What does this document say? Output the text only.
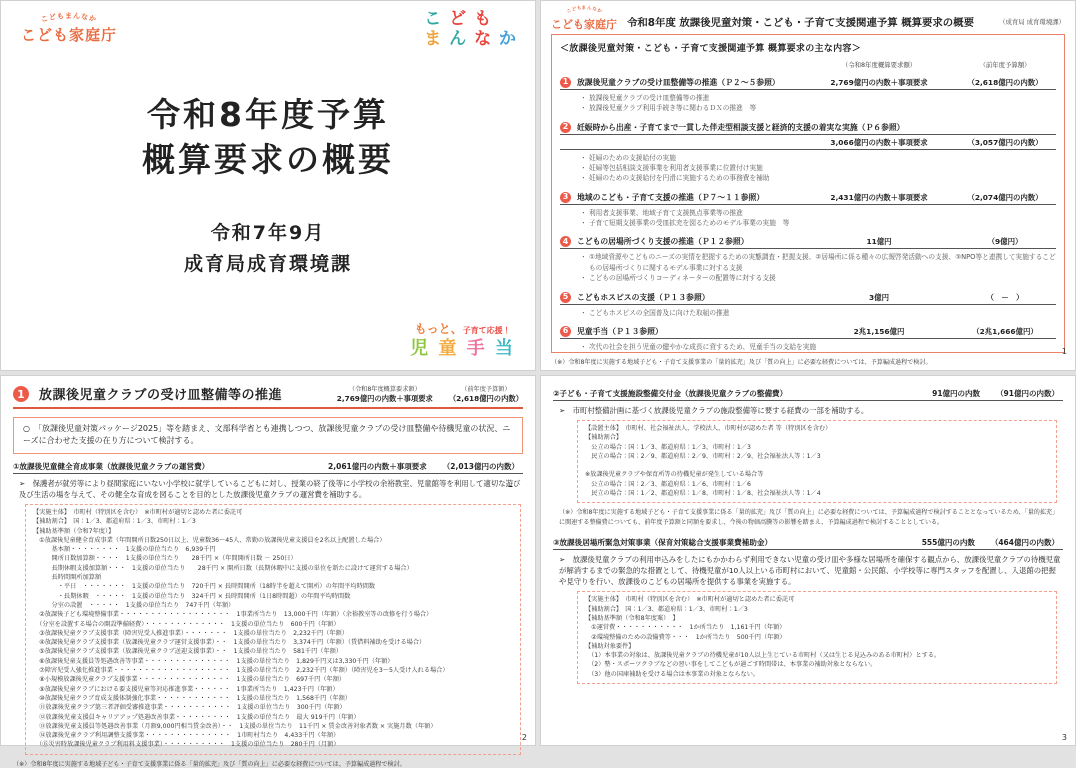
こどもまんなか
こども家庭庁
こ ど も
ま ん な か
令和8年度予算
概算要求の概要
令和7年9月
成育局成育環境課
もっと、子育て応援！
児 童 手 当
こどもまんなか
こども家庭庁 令和8年度 放課後児童対策・こども・子育て支援関連予算 概算要求の概要	（成育局 成育環境課）
＜放課後児童対策・こども・子育て支援関連予算 概算要求の主な内容＞
（令和8年度概算要求額）	（前年度予算額）
1	放課後児童クラブの受け皿整備等の推進（Ｐ２～５参照）	2,769億円の内数＋事項要求	（2,618億円の内数）
・ 放課後児童クラブの受け皿整備等の推進
・ 放課後児童クラブ利用手続き等に関わるＤＸの推進　等
2	妊娠時から出産・子育てまで一貫した伴走型相談支援と経済的支援の着実な実施（Ｐ６参照）
3,066億円の内数＋事項要求	（3,057億円の内数）
・ 妊婦のための支援給付の実施
・ 妊婦等包括相談支援事業を利用者支援事業に位置付け実施
・ 妊婦のための支援給付を円滑に実施するための事務費を補助
3	地域のこども・子育て支援の推進（Ｐ７～１１参照）	2,431億円の内数＋事項要求	（2,074億円の内数）
・ 利用者支援事業、地域子育て支援拠点事業等の推進
・ 子育て短期支援事業の受皿拡充を図るためのモデル事業の実施　等
4	こどもの居場所づくり支援の推進（Ｐ１２参照）	11億円	（9億円）
・ ①地域資源やこどものニーズの実情を把握するための実態調査・把握支援、②居場所に係る種々の広報啓発活動への支援、③NPO等と連携して実施するこどもの居場所づくりに関するモデル事業に対する支援
・ こどもの居場所づくりコーディネーターの配置等に対する支援
5	こどもホスピスの支援（Ｐ１３参照）	3億円	（　－　）
・ こどもホスピスの全国普及に向けた取組の推進
6	児童手当（Ｐ１３参照）	2兆1,156億円	（2兆1,666億円）
・ 次代の社会を担う児童の健やかな成長に資するため、児童手当の支給を実施
（※）令和8年度に実施する地域子ども・子育て支援事業の「量的拡充」及び「質の向上」に必要な経費については、予算編成過程で検討。
1
1	放課後児童クラブの受け皿整備等の推進	（令和8年度概算要求額）
2,769億円の内数＋事項要求
（前年度予算額）
（2,618億円の内数）
○　「放課後児童対策パッケージ2025」等を踏まえ、文部科学省とも連携しつつ、放課後児童クラブの受け皿整備や待機児童の状況、ニーズに合わせた支援の在り方について検討する。
①放課後児童健全育成事業（放課後児童クラブの運営費）	2,061億円の内数＋事項要求 （2,013億円の内数）
➢　保護者が就労等により昼間家庭にいない小学校に就学しているこどもに対し、授業の終了後等に小学校の余裕教室、児童館等を利用して適切な遊び及び生活の場を与えて、その健全な育成を図ることを目的とした放課後児童クラブの運営費を補助する。
【実施主体】　市町村（特別区を含む）　※市町村が適切と認めた者に委託可
【補助割合】　国：1／3、都道府県：1／3、市町村：1／3
【補助基準額（令和7年度）】
　①放課後児童健全育成事業（年間開所日数250日以上、児童数36～45人、常勤の放課後児童支援員を2名以上配置した場合）
　　　基本額・・・・・・・・　1支援の単位当たり　6,939千円
　　　開所日数加算額・・・・　1支援の単位当たり　　28千円 ×（年間開所日数 － 250日）
　　　長期休暇支援加算額・・・　1支援の単位当たり　　28千円 × 開所日数（長期休暇中に支援の単位を新たに設けて運営する場合）
　　　長時間開所加算額
　　　　・平日　・・・・・・・　1支援の単位当たり　720千円 × 長時間開所（18時半を超えて開所）の年間平均時間数
　　　　・長期休暇　・・・・・　1支援の単位当たり　324千円 × 長時間開所（1日8時間超）の年間平均時間数
　　　分室の設置　・・・・・　1支援の単位当たり　747千円（年額）
　②放課後子ども環境整備事業・・・・・・・・・・・・・・・・・・　1事業所当たり　13,000千円（年額）（余裕教室等の改修を行う場合）
　（分室を設置する場合の開設準備経費）・・・・・・・・・・・・・　1支援の単位当たり　600千円（年額）
　③放課後児童クラブ支援事業（障害児受入推進事業）・・・・・・・　1支援の単位当たり　2,232千円（年額）
　④放課後児童クラブ支援事業（放課後児童クラブ運営支援事業）・・　1支援の単位当たり　3,374千円（年額）（賃借料補助を受ける場合）
　⑤放課後児童クラブ支援事業（放課後児童クラブ送迎支援事業）・・　1支援の単位当たり　581千円（年額）
　⑥放課後児童支援員等処遇改善等事業・・・・・・・・・・・・・・　1支援の単位当たり　1,829千円又は3,330千円（年額）
　⑦障害児受入強化推進事業・・・・・・・・・・・・・・・・・・・　1支援の単位当たり　2,232千円（年額）（障害児を3～5人受け入れる場合）
　⑧小規模放課後児童クラブ支援事業・・・・・・・・・・・・・・・　1支援の単位当たり　697千円（年額）
　⑨放課後児童クラブにおける要支援児童等対応推進事業・・・・・・　1事業所当たり　1,423千円（年額）
　⑩放課後児童クラブ育成支援体制強化事業・・・・・・・・・・・・　1支援の単位当たり　1,568千円（年額）
　⑪放課後児童クラブ第三者評価受審推進事業・・・・・・・・・・・　1支援の単位当たり　300千円（年額）
　⑫放課後児童支援員キャリアアップ処遇改善事業・・・・・・・・・　1支援の単位当たり　最大 919千円（年額）
　⑬放課後児童支援員等処遇改善事業（月額9,000円相当賃金改善）・・　1支援の単位当たり　11千円 × 賃金改善対象者数 × 実施月数（年額）
　⑭放課後児童クラブ利用調整支援事業・・・・・・・・・・・・・・　1市町村当たり　4,433千円（年額）
　（⑮災害時放課後児童クラブ利用料支援事業）・・・・・・・・・・　1支援の単位当たり　280千円（月額）
（※）令和8年度に実施する地域子ども・子育て支援事業に係る「量的拡充」及び「質の向上」に必要な経費については、予算編成過程で検討。
2
②子ども・子育て支援施設整備交付金（放課後児童クラブの整備費）	91億円の内数 （91億円の内数）
➢　市町村整備計画に基づく放課後児童クラブの施設整備等に要する経費の一部を補助する。
【設置主体】　市町村、社会福祉法人、学校法人、市町村が認めた者 等（特別区を含む）
【補助割合】
　公立の場合：国：1／3、都道府県：1／3、市町村：1／3
　民立の場合：国：2／9、都道府県：2／9、市町村：2／9、社会福祉法人等：1／3
※放課後児童クラブや保育所等の待機児童が発生している場合等
　公立の場合：国：2／3、都道府県：1／6、市町村：1／6
　民立の場合：国：1／2、都道府県：1／8、市町村：1／8、社会福祉法人等：1／4
（※）令和8年度に実施する地域子ども・子育て支援事業に係る「量的拡充」及び「質の向上」に必要な経費については、予算編成過程で検討することとなっているため、「量的拡充」に関連する整備費についても、前年度予算額と同額を要求し、今後の物価高騰等の影響を踏まえ、予算編成過程で検討することとしている。
③放課後居場所緊急対策事業（保育対策総合支援事業費補助金）	555億円の内数 （464億円の内数）
➢　放課後児童クラブの利用申込みをしたにもかかわらず利用できない児童の受け皿や多様な居場所を確保する観点から、放課後児童クラブの待機児童が解消するまでの緊急的な措置として、待機児童が10人以上いる市町村において、児童館・公民館、小学校等に専門スタッフを配置し、入退館の把握や見守りを行い、放課後のこどもの居場所を提供する事業を実施する。
【実施主体】　市町村（特別区を含む）　※市町村が適切と認めた者に委託可
【補助割合】　国：1／3、都道府県：1／3、市町村：1／3
【補助基準額（令和8年度案）　】
　①運営費・・・・・・・・・・・　1か所当たり　1,161千円（年額）
　②環境整備のための設備費等・・・　1か所当たり　500千円（年額）
【補助対象要件】
　（1）本事業の対象は、放課後児童クラブの待機児童が10人以上生じている市町村（又は生じる見込みのある市町村）とする。
　（2）塾・スポーツクラブなどの習い事をしてこどもが過ごす時間帯は、本事業の補助対象とならない。
　（3）他の国庫補助を受ける場合は本事業の対象とならない。
3
